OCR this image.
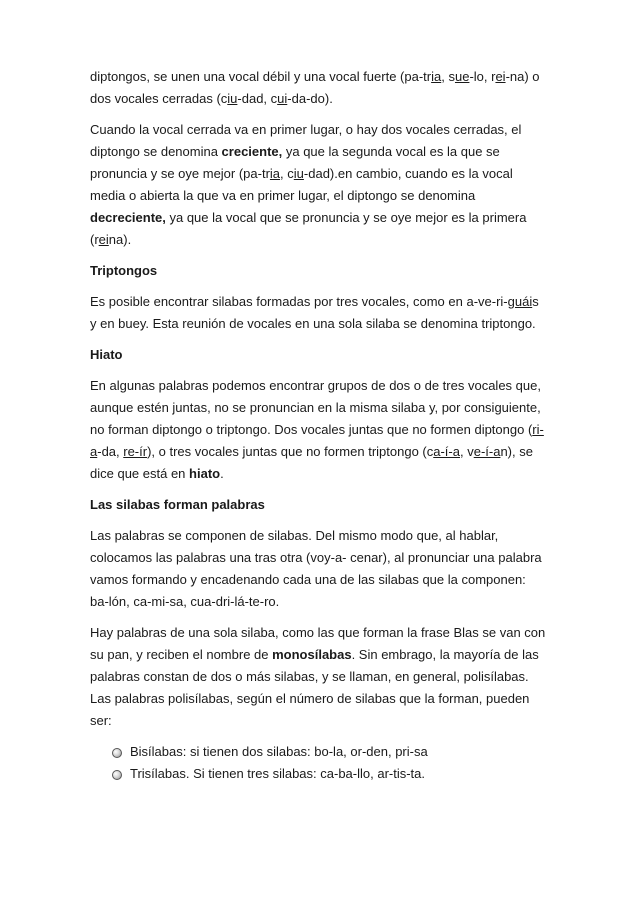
diptongos, se unen una vocal débil y una vocal fuerte (pa-tria, sue-lo, rei-na) o dos vocales cerradas (ciu-dad, cui-da-do).

Cuando la vocal cerrada va en primer lugar, o hay dos vocales cerradas, el diptongo se denomina creciente, ya que la segunda vocal es la que se pronuncia y se oye mejor (pa-tria, ciu-dad).en cambio, cuando es la vocal media o abierta la que va en primer lugar, el diptongo se denomina decreciente, ya que la vocal que se pronuncia y se oye mejor es la primera (reina).

Triptongos

Es posible encontrar silabas formadas por tres vocales, como en a-ve-ri-guáis y en buey. Esta reunión de vocales en una sola silaba se denomina triptongo.

Hiato

En algunas palabras podemos encontrar grupos de dos o de tres vocales que, aunque estén juntas, no se pronuncian en la misma silaba y, por consiguiente, no forman diptongo o triptongo. Dos vocales juntas que no formen diptongo (ri-a-da, re-ír), o tres vocales juntas que no formen triptongo (ca-í-a, ve-í-an), se dice que está en hiato.

Las silabas forman palabras

Las palabras se componen de silabas. Del mismo modo que, al hablar, colocamos las palabras una tras otra (voy-a- cenar), al pronunciar una palabra vamos formando y encadenando cada una de las silabas que la componen: ba-lón, ca-mi-sa, cua-dri-lá-te-ro.

Hay palabras de una sola silaba, como las que forman la frase Blas se van con su pan, y reciben el nombre de monosílabas. Sin embrago, la mayoría de las palabras constan de dos o más silabas, y se llaman, en general, polisílabas. Las palabras polisílabas, según el número de silabas que la forman, pueden ser:

Bisílabas: si tienen dos silabas: bo-la, or-den, pri-sa
Trisílabas. Si tienen tres silabas: ca-ba-llo, ar-tis-ta.
